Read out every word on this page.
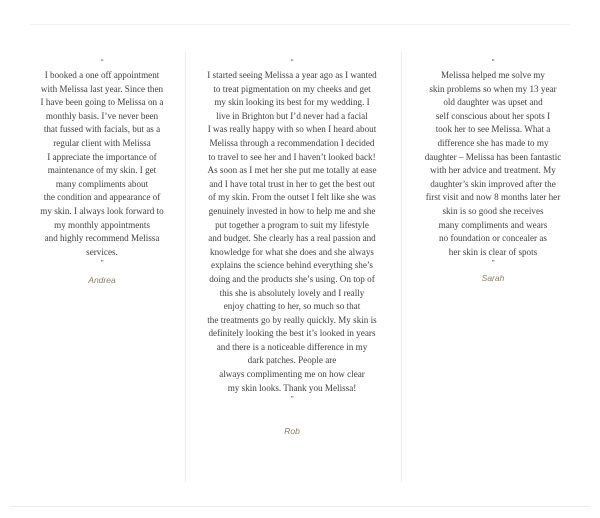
“
I booked a one off appointment
with Melissa last year. Since then
I have been going to Melissa on a
monthly basis. I’ve never been
that fussed with facials, but as a
regular client with Melissa
I appreciate the importance of
maintenance of my skin. I get
many compliments about
the condition and appearance of
my skin. I always look forward to
my monthly appointments
and highly recommend Melissa
services.
”
Andrea
“
I started seeing Melissa a year ago as I wanted
to treat pigmentation on my cheeks and get
my skin looking its best for my wedding. I
live in Brighton but I’d never had a facial
I was really happy with so when I heard about
Melissa through a recommendation I decided
to travel to see her and I haven’t looked back!
As soon as I met her she put me totally at ease
and I have total trust in her to get the best out
of my skin. From the outset I felt like she was
genuinely invested in how to help me and she
put together a program to suit my lifestyle
and budget. She clearly has a real passion and
knowledge for what she does and she always
explains the science behind everything she’s
doing and the products she’s using. On top of
this she is absolutely lovely and I really
enjoy chatting to her, so much so that
the treatments go by really quickly. My skin is
definitely looking the best it’s looked in years
and there is a noticeable difference in my
dark patches. People are
always complimenting me on how clear
my skin looks. Thank you Melissa!
”
Rob
“
Melissa helped me solve my
skin problems so when my 13 year
old daughter was upset and
self conscious about her spots I
took her to see Melissa. What a
difference she has made to my
daughter – Melissa has been fantastic
with her advice and treatment. My
daughter’s skin improved after the
first visit and now 8 months later her
skin is so good she receives
many compliments and wears
no foundation or concealer as
her skin is clear of spots
”
Sarah
